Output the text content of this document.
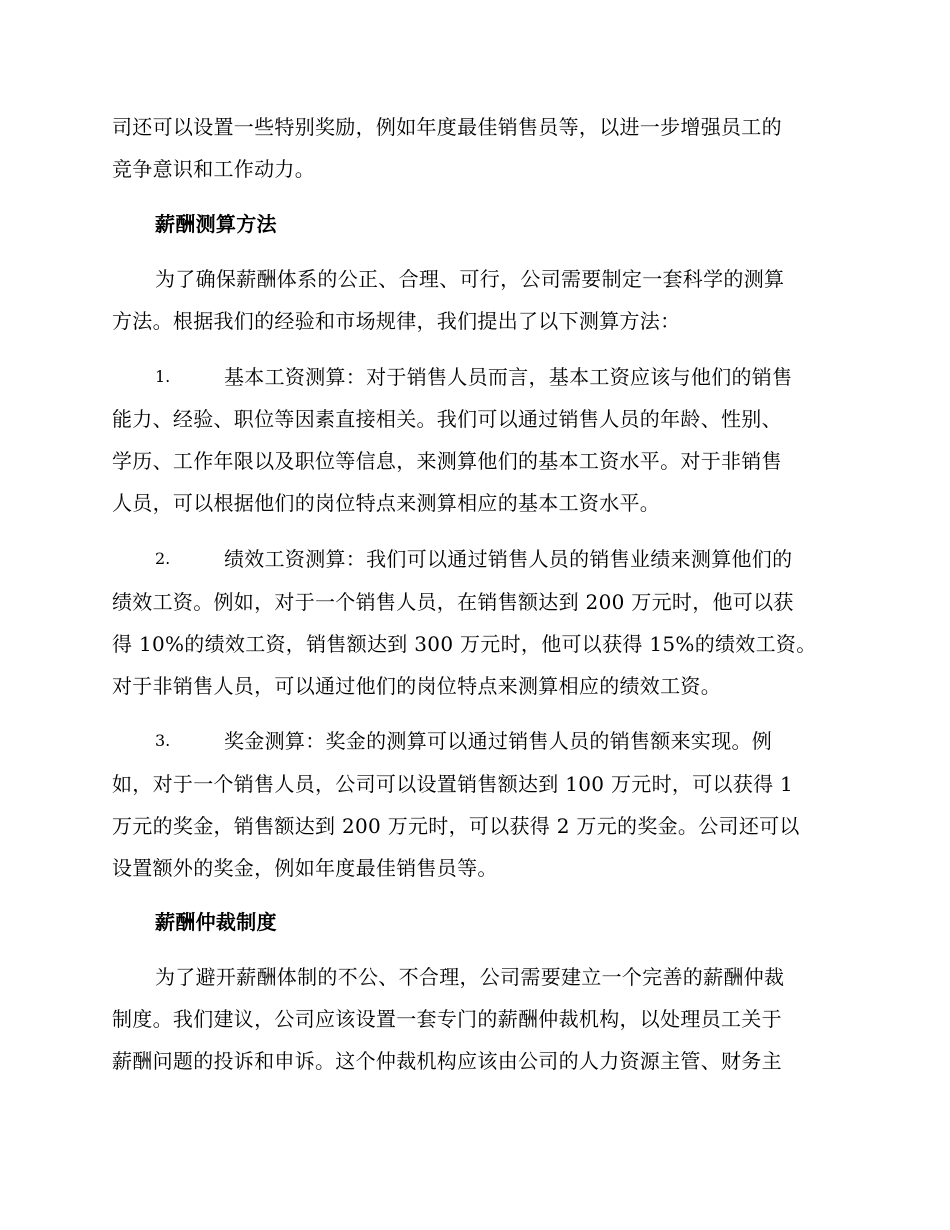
司还可以设置一些特别奖励，例如年度最佳销售员等，以进一步增强员工的
竞争意识和工作动力。
薪酬测算方法
为了确保薪酬体系的公正、合理、可行，公司需要制定一套科学的测算
方法。根据我们的经验和市场规律，我们提出了以下测算方法：
1.	基本工资测算：对于销售人员而言，基本工资应该与他们的销售
能力、经验、职位等因素直接相关。我们可以通过销售人员的年龄、性别、
学历、工作年限以及职位等信息，来测算他们的基本工资水平。对于非销售
人员，可以根据他们的岗位特点来测算相应的基本工资水平。
2.	绩效工资测算：我们可以通过销售人员的销售业绩来测算他们的
绩效工资。例如，对于一个销售人员，在销售额达到 200 万元时，他可以获
得 10%的绩效工资，销售额达到 300 万元时，他可以获得 15%的绩效工资。
对于非销售人员，可以通过他们的岗位特点来测算相应的绩效工资。
3.	奖金测算：奖金的测算可以通过销售人员的销售额来实现。例
如，对于一个销售人员，公司可以设置销售额达到 100 万元时，可以获得 1
万元的奖金，销售额达到 200 万元时，可以获得 2 万元的奖金。公司还可以
设置额外的奖金，例如年度最佳销售员等。
薪酬仲裁制度
为了避开薪酬体制的不公、不合理，公司需要建立一个完善的薪酬仲裁
制度。我们建议，公司应该设置一套专门的薪酬仲裁机构，以处理员工关于
薪酬问题的投诉和申诉。这个仲裁机构应该由公司的人力资源主管、财务主
